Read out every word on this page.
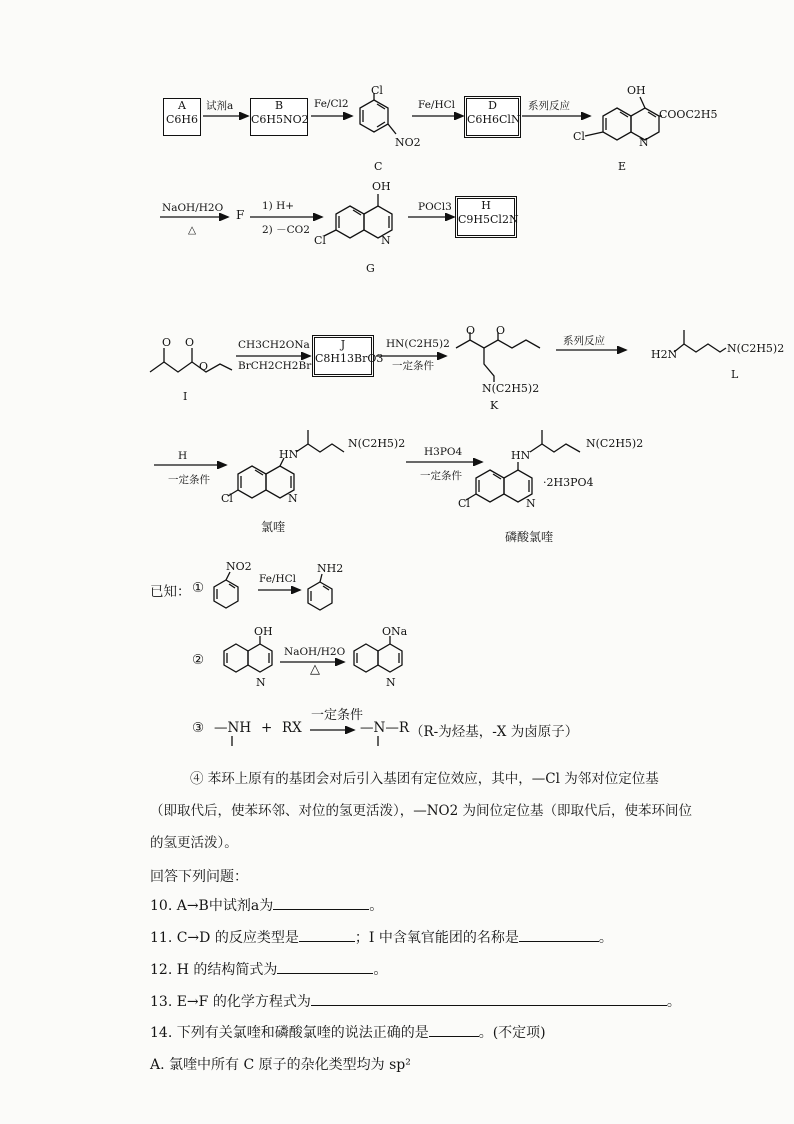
A
C6H6
试剂a	B
C6H5NO2
Fe/Cl2
Cl
NO2
C
Fe/HCl	D
C6H6ClN
系列反应
OH
COOC2H5
Cl	N
E
NaOH/H2O
△
F
1) H+
2) －CO2
OH
Cl	N
G
POCl3	H
C9H5Cl2N
O O
O
I
CH3CH2ONa
BrCH2CH2Br
J
C8H13BrO3
HN(C2H5)2
一定条件
O O
N(C2H5)2
K
系列反应
H2N	N(C2H5)2
L
H
一定条件
HN
N(C2H5)2
Cl	N
氯喹
H3PO4
一定条件
HN
N(C2H5)2
·2H3PO4
Cl	N
磷酸氯喹
已知： ①
NO2
Fe/HCl
NH2
②
OH
N
NaOH/H2O
△
ONa
N
③ —NH + RX
一定条件
—N—R （R-为烃基，-X 为卤原子）
④ 苯环上原有的基团会对后引入基团有定位效应，其中，—Cl 为邻对位定位基
（即取代后，使苯环邻、对位的氢更活泼），—NO2 为间位定位基（即取代后，使苯环间位
的氢更活泼）。
回答下列问题：
10. A→B中试剂a为	。
11. C→D 的反应类型是	；I 中含氧官能团的名称是	。
12. H 的结构简式为	。
13. E→F 的化学方程式为	。
14. 下列有关氯喹和磷酸氯喹的说法正确的是	。(不定项)
A. 氯喹中所有 C 原子的杂化类型均为 sp²
